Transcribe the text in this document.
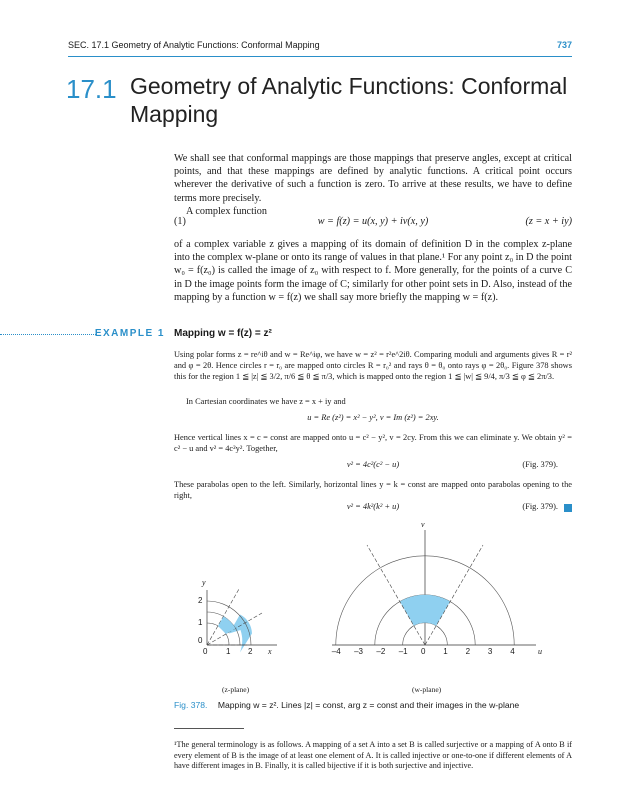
SEC. 17.1 Geometry of Analytic Functions: Conformal Mapping	737
17.1 Geometry of Analytic Functions: Conformal Mapping
We shall see that conformal mappings are those mappings that preserve angles, except at critical points, and that these mappings are defined by analytic functions. A critical point occurs wherever the derivative of such a function is zero. To arrive at these results, we have to define terms more precisely.
A complex function
(1)	w = f(z) = u(x, y) + iv(x, y)	(z = x + iy)
of a complex variable z gives a mapping of its domain of definition D in the complex z-plane into the complex w-plane or onto its range of values in that plane.¹ For any point z₀ in D the point w₀ = f(z₀) is called the image of z₀ with respect to f. More generally, for the points of a curve C in D the image points form the image of C; similarly for other point sets in D. Also, instead of the mapping by a function w = f(z) we shall say more briefly the mapping w = f(z).
EXAMPLE 1 Mapping w = f(z) = z²
Using polar forms z = re^iθ and w = Re^iφ, we have w = z² = r²e^2iθ. Comparing moduli and arguments gives R = r² and φ = 2θ. Hence circles r = r₀ are mapped onto circles R = r₀² and rays θ = θ₀ onto rays φ = 2θ₀. Figure 378 shows this for the region 1 ≦ |z| ≦ 3/2, π/6 ≦ θ ≦ π/3, which is mapped onto the region 1 ≦ |w| ≦ 9/4, π/3 ≦ φ ≦ 2π/3.
In Cartesian coordinates we have z = x + iy and
u = Re (z²) = x² − y², v = Im (z²) = 2xy.
Hence vertical lines x = c = const are mapped onto u = c² − y², v = 2cy. From this we can eliminate y. We obtain y² = c² − u and v² = 4c²y². Together,
v² = 4c²(c² − u)	(Fig. 379).
These parabolas open to the left. Similarly, horizontal lines y = k = const are mapped onto parabolas opening to the right,
v² = 4k²(k² + u)	(Fig. 379).
y
x
0 1 2
0
1
2
(z-plane)
v
u
–4 –3 –2 –1 0 1 2 3 4
(w-plane)
Fig. 378. Mapping w = z². Lines |z| = const, arg z = const and their images in the w-plane
¹The general terminology is as follows. A mapping of a set A into a set B is called surjective or a mapping of A onto B if every element of B is the image of at least one element of A. It is called injective or one-to-one if different elements of A have different images in B. Finally, it is called bijective if it is both surjective and injective.
